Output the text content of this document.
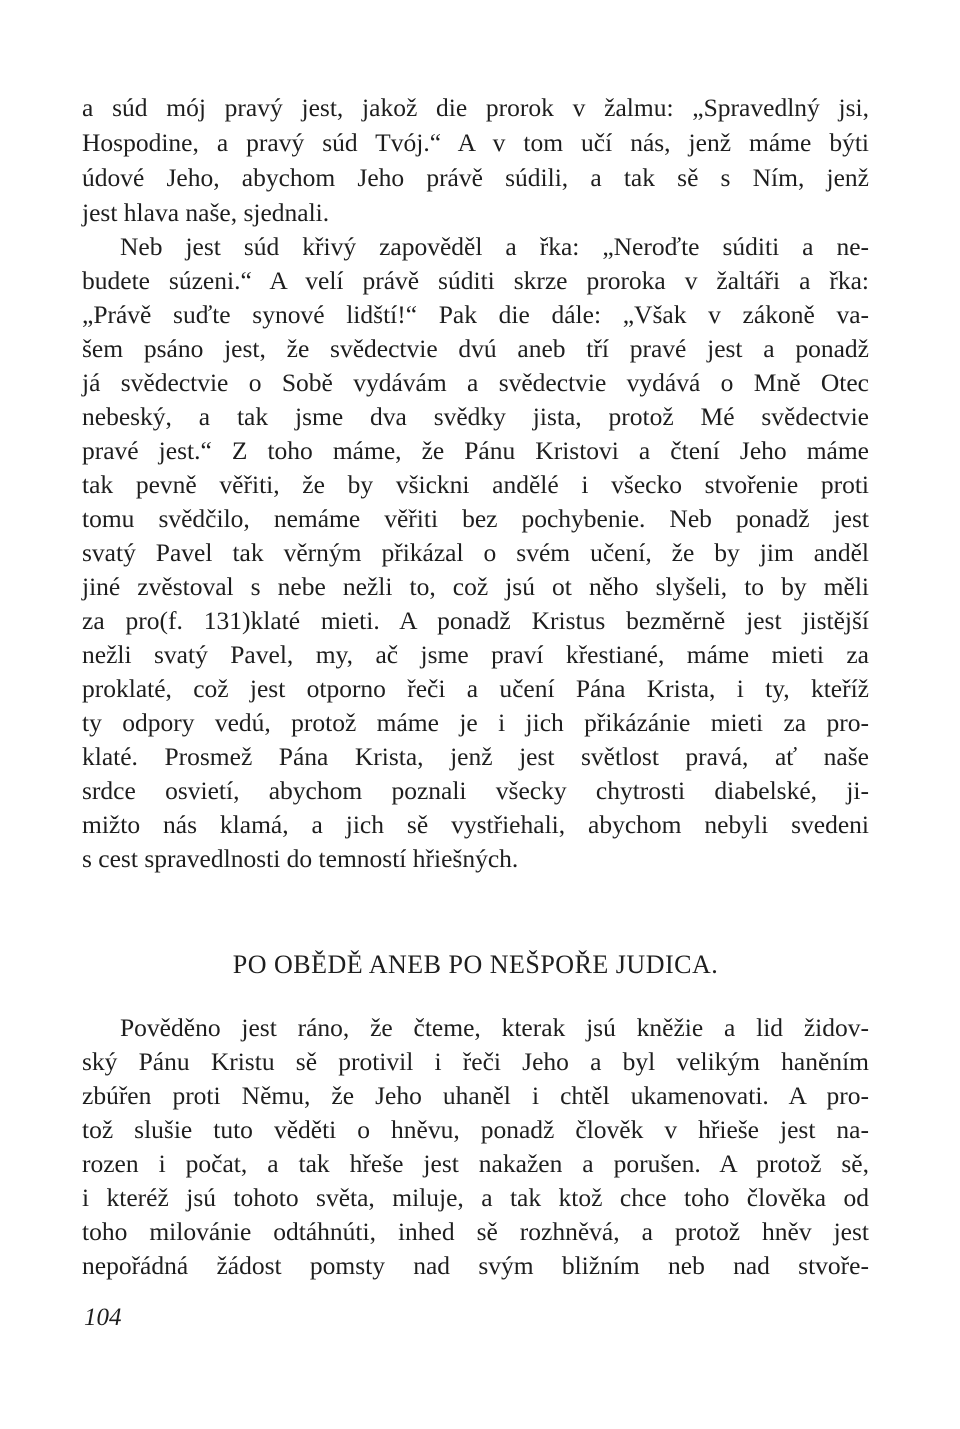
a súd mój pravý jest, jakož die prorok v žalmu: „Spravedlný jsi,

Hospodine, a pravý súd Tvój.“ A v tom učí nás, jenž máme býti

údové Jeho, abychom Jeho právě súdili, a tak sě s Ním, jenž

jest hlava naše, sjednali.

Neb jest súd křivý zapověděl a řka: „Neroďte súditi a ne-

budete súzeni.“ A velí právě súditi skrze proroka v žaltáři a řka:

„Právě suďte synové lidští!“ Pak die dále: „Však v zákoně va-

šem psáno jest, že svědectvie dvú aneb tří pravé jest a ponadž

já svědectvie o Sobě vydávám a svědectvie vydává o Mně Otec

nebeský, a tak jsme dva svědky jista, protož Mé svědectvie

pravé jest.“ Z toho máme, že Pánu Kristovi a čtení Jeho máme

tak pevně věřiti, že by všickni andělé i všecko stvořenie proti

tomu svědčilo, nemáme věřiti bez pochybenie. Neb ponadž jest

svatý Pavel tak věrným přikázal o svém učení, že by jim anděl

jiné zvěstoval s nebe nežli to, což jsú ot něho slyšeli, to by měli

za pro(f. 131)klaté mieti. A ponadž Kristus bezměrně jest jistější

nežli svatý Pavel, my, ač jsme praví křestiané, máme mieti za

proklaté, což jest otporno řeči a učení Pána Krista, i ty, kteříž

ty odpory vedú, protož máme je i jich přikázánie mieti za pro-

klaté. Prosmež Pána Krista, jenž jest světlost pravá, ať naše

srdce osvietí, abychom poznali všecky chytrosti diabelské, ji-

mižto nás klamá, a jich sě vystřiehali, abychom nebyli svedeni

s cest spravedlnosti do temností hřiešných.

PO OBĚDĚ ANEB PO NEŠPOŘE JUDICA.

Pověděno jest ráno, že čteme, kterak jsú kněžie a lid židov-

ský Pánu Kristu sě protivil i řeči Jeho a byl velikým haněním

zbúřen proti Němu, že Jeho uhaněl i chtěl ukamenovati. A pro-

tož slušie tuto věděti o hněvu, ponadž člověk v hřieše jest na-

rozen i počat, a tak hřeše jest nakažen a porušen. A protož sě,

i kteréž jsú tohoto světa, miluje, a tak ktož chce toho člověka od

toho milovánie odtáhnúti, inhed sě rozhněvá, a protož hněv jest

nepořádná žádost pomsty nad svým bližním neb nad stvoře-

104
